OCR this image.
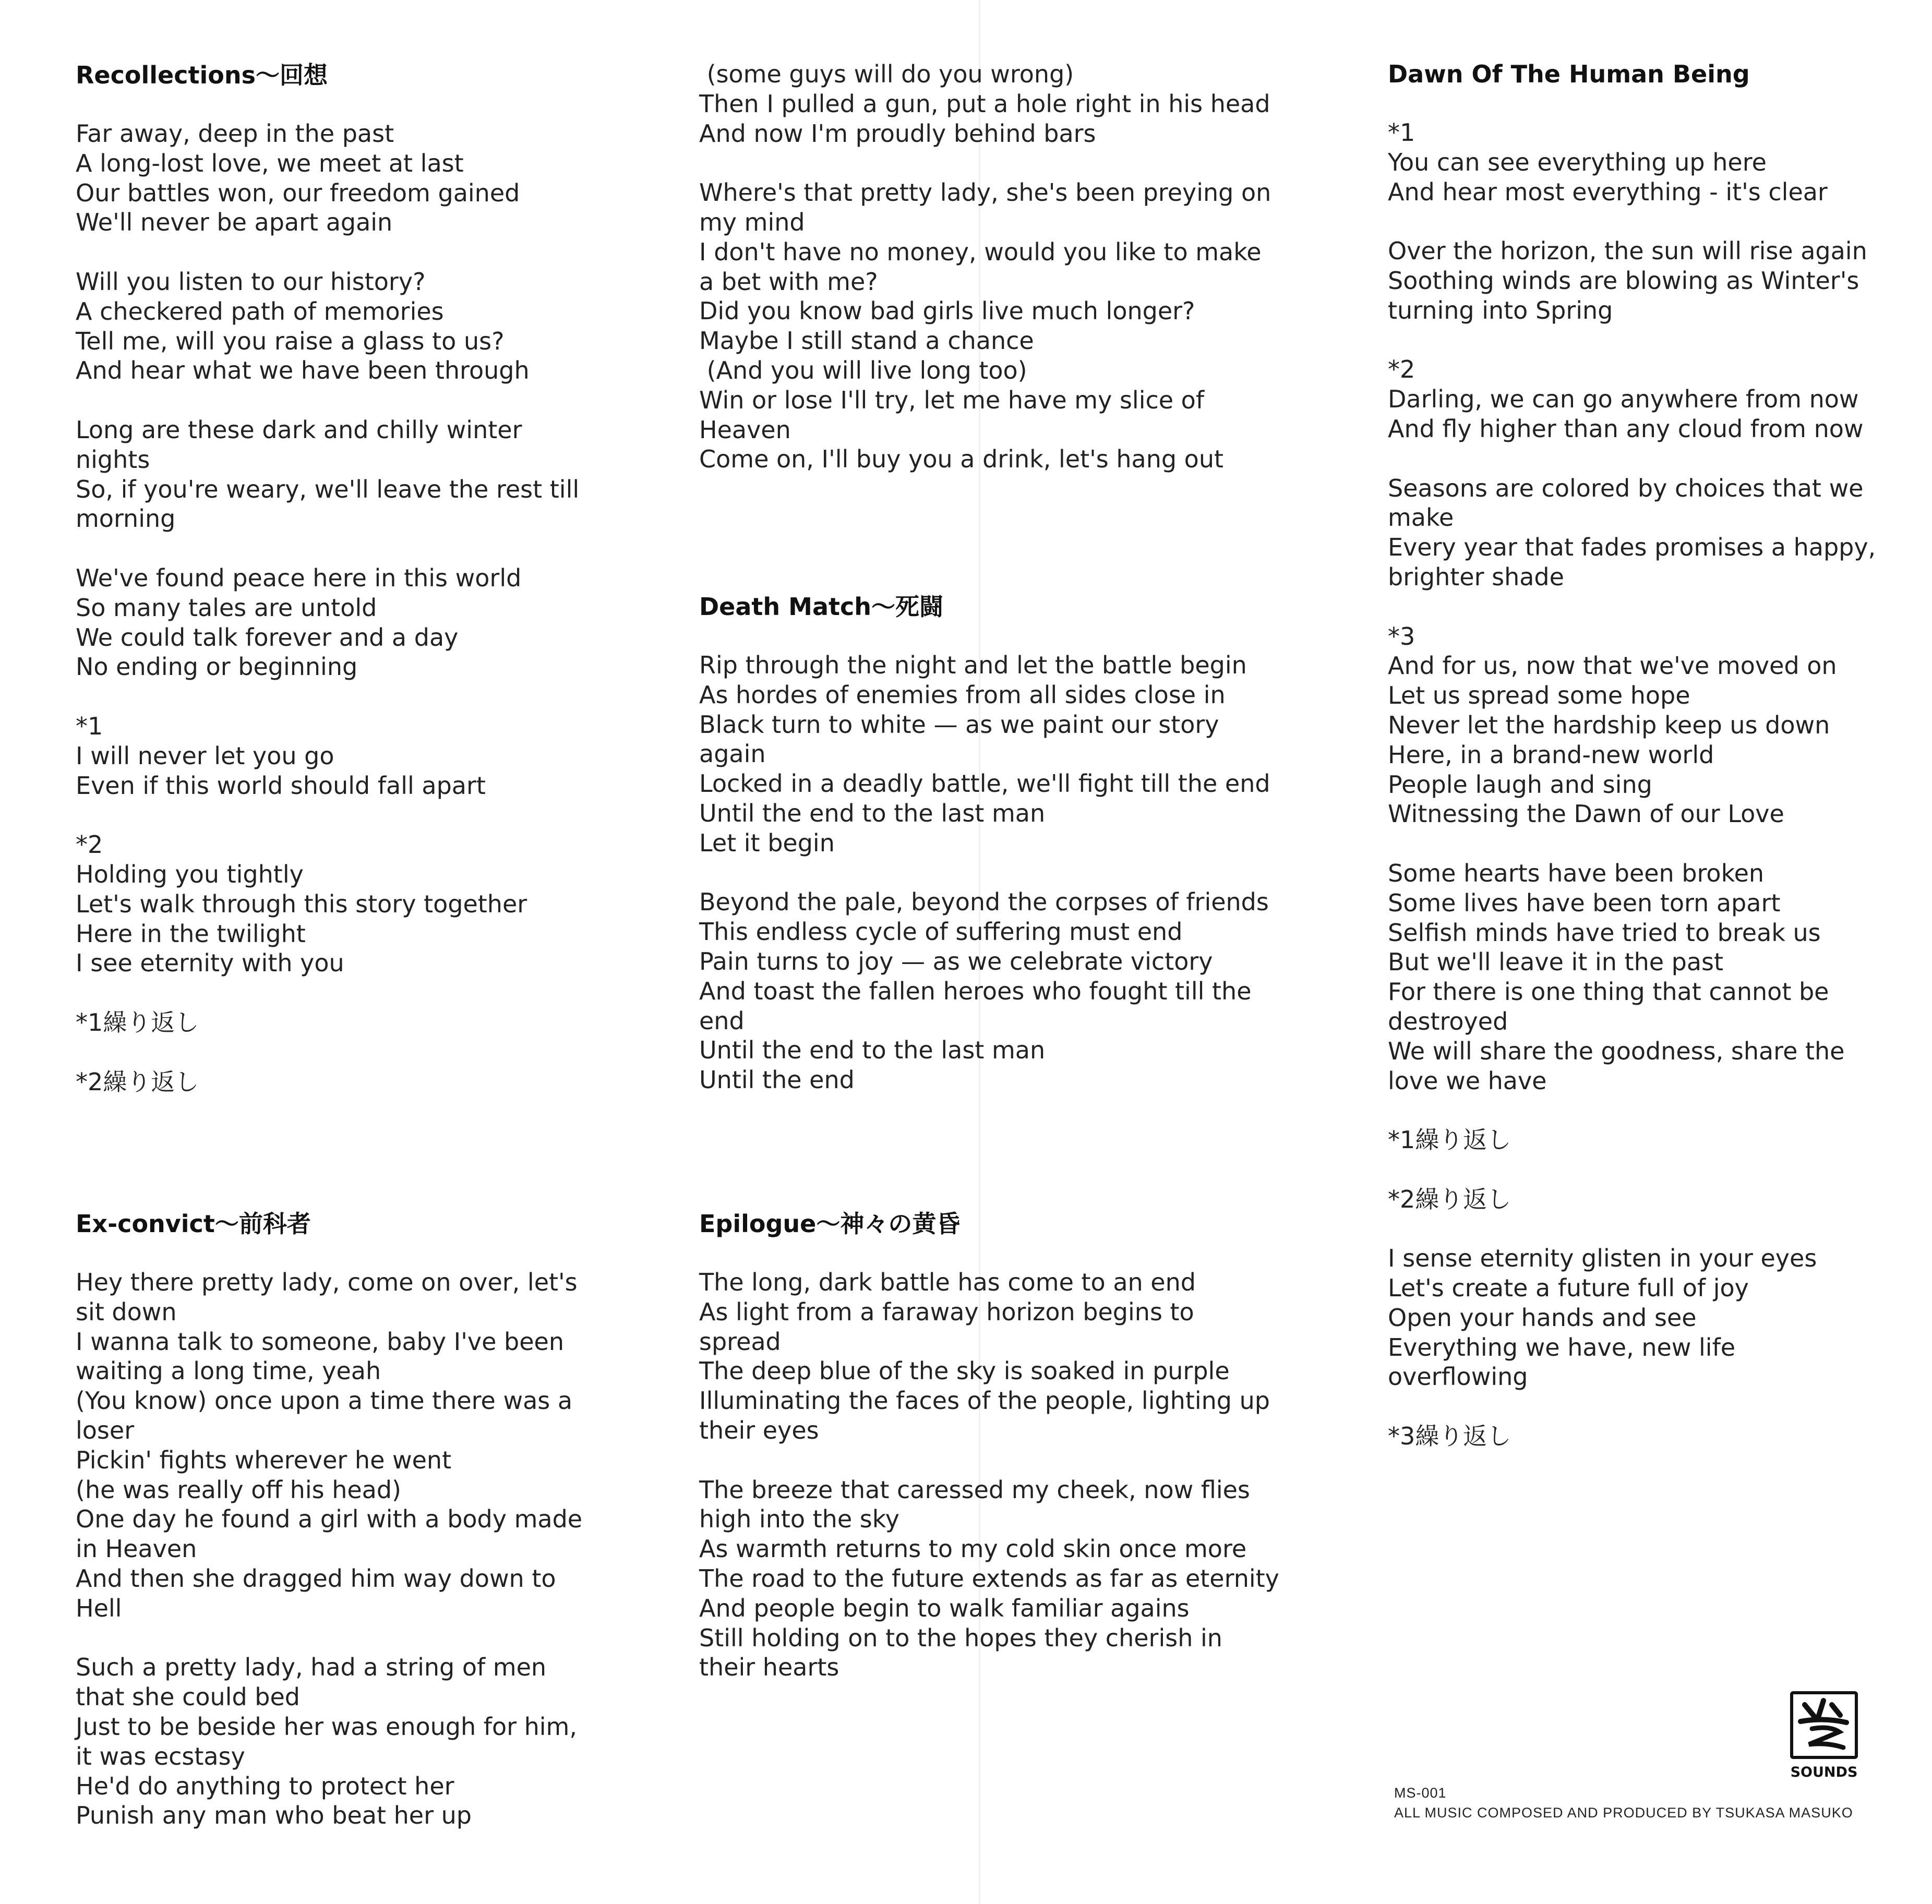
Recollections～回想
Far away, deep in the past
A long-lost love, we meet at last
Our battles won, our freedom gained
We'll never be apart again

Will you listen to our history?
A checkered path of memories
Tell me, will you raise a glass to us?
And hear what we have been through

Long are these dark and chilly winter
nights
So, if you're weary, we'll leave the rest till
morning

We've found peace here in this world
So many tales are untold
We could talk forever and a day
No ending or beginning

*1
I will never let you go
Even if this world should fall apart

*2
Holding you tightly
Let's walk through this story together
Here in the twilight
I see eternity with you

*1繰り返し

*2繰り返し
Ex-convict～前科者
Hey there pretty lady, come on over, let's
sit down
I wanna talk to someone, baby I've been
waiting a long time, yeah
(You know) once upon a time there was a
loser
Pickin' fights wherever he went
(he was really off his head)
One day he found a girl with a body made
in Heaven
And then she dragged him way down to
Hell

Such a pretty lady, had a string of men
that she could bed
Just to be beside her was enough for him,
it was ecstasy
He'd do anything to protect her
Punish any man who beat her up
(some guys will do you wrong)
Then I pulled a gun, put a hole right in his head
And now I'm proudly behind bars

Where's that pretty lady, she's been preying on
my mind
I don't have no money, would you like to make
a bet with me?
Did you know bad girls live much longer?
Maybe I still stand a chance
(And you will live long too)
Win or lose I'll try, let me have my slice of
Heaven
Come on, I'll buy you a drink, let's hang out
Death Match～死闘
Rip through the night and let the battle begin
As hordes of enemies from all sides close in
Black turn to white — as we paint our story
again
Locked in a deadly battle, we'll fight till the end
Until the end to the last man
Let it begin

Beyond the pale, beyond the corpses of friends
This endless cycle of suffering must end
Pain turns to joy — as we celebrate victory
And toast the fallen heroes who fought till the
end
Until the end to the last man
Until the end
Epilogue～神々の黄昏
The long, dark battle has come to an end
As light from a faraway horizon begins to
spread
The deep blue of the sky is soaked in purple
Illuminating the faces of the people, lighting up
their eyes

The breeze that caressed my cheek, now flies
high into the sky
As warmth returns to my cold skin once more
The road to the future extends as far as eternity
And people begin to walk familiar agains
Still holding on to the hopes they cherish in
their hearts
Dawn Of The Human Being
*1
You can see everything up here
And hear most everything - it's clear

Over the horizon, the sun will rise again
Soothing winds are blowing as Winter's
turning into Spring

*2
Darling, we can go anywhere from now
And fly higher than any cloud from now

Seasons are colored by choices that we
make
Every year that fades promises a happy,
brighter shade

*3
And for us, now that we've moved on
Let us spread some hope
Never let the hardship keep us down
Here, in a brand-new world
People laugh and sing
Witnessing the Dawn of our Love

Some hearts have been broken
Some lives have been torn apart
Selfish minds have tried to break us
But we'll leave it in the past
For there is one thing that cannot be
destroyed
We will share the goodness, share the
love we have

*1繰り返し

*2繰り返し

I sense eternity glisten in your eyes
Let's create a future full of joy
Open your hands and see
Everything we have, new life
overflowing

*3繰り返し
SOUNDS
MS-001
ALL MUSIC COMPOSED AND PRODUCED BY TSUKASA MASUKO
